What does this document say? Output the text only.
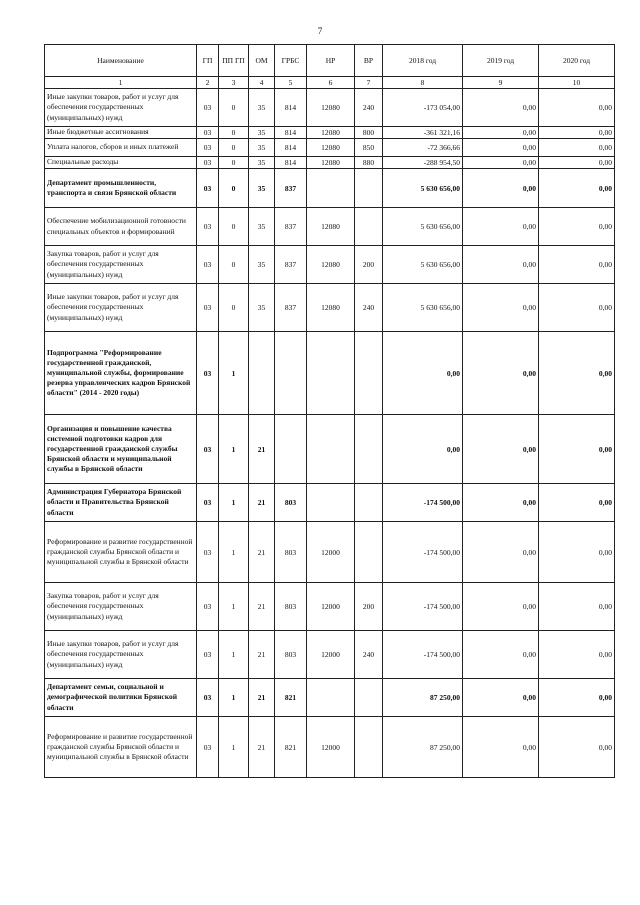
7
Наименование	ГП	ПП ГП	ОМ	ГРБС	НР	ВР	2018 год	2019 год	2020 год
1	2	3	4	5	6	7	8	9	10
Иные закупки товаров, работ и услуг для обеспечения государственных (муниципальных) нужд	03	0	35	814	12080	240	-173 054,00	0,00	0,00
Иные бюджетные ассигнования	03	0	35	814	12080	800	-361 321,16	0,00	0,00
Уплата налогов, сборов и иных платежей	03	0	35	814	12080	850	-72 366,66	0,00	0,00
Специальные расходы	03	0	35	814	12080	880	-288 954,50	0,00	0,00
Департамент промышленности, транспорта и связи Брянской области	03	0	35	837			5 630 656,00	0,00	0,00
Обеспечение мобилизационной готовности специальных объектов и формирований	03	0	35	837	12080		5 630 656,00	0,00	0,00
Закупка товаров, работ и услуг для обеспечения государственных (муниципальных) нужд	03	0	35	837	12080	200	5 630 656,00	0,00	0,00
Иные закупки товаров, работ и услуг для обеспечения государственных (муниципальных) нужд	03	0	35	837	12080	240	5 630 656,00	0,00	0,00
Подпрограмма "Реформирование государственной гражданской, муниципальной службы, формирование резерва управленческих кадров Брянской области" (2014 - 2020 годы)	03	1					0,00	0,00	0,00
Организация и повышение качества системной подготовки кадров для государственной гражданской службы Брянской области и муниципальной службы в Брянской области	03	1	21				0,00	0,00	0,00
Администрация Губернатора Брянской области и Правительства Брянской области	03	1	21	803			-174 500,00	0,00	0,00
Реформирование и развитие государственной гражданской службы Брянской области и муниципальной службы в Брянской области	03	1	21	803	12000		-174 500,00	0,00	0,00
Закупка товаров, работ и услуг для обеспечения государственных (муниципальных) нужд	03	1	21	803	12000	200	-174 500,00	0,00	0,00
Иные закупки товаров, работ и услуг для обеспечения государственных (муниципальных) нужд	03	1	21	803	12000	240	-174 500,00	0,00	0,00
Департамент семьи, социальной и демографической политики Брянской области	03	1	21	821			87 250,00	0,00	0,00
Реформирование и развитие государственной гражданской службы Брянской области и муниципальной службы в Брянской области	03	1	21	821	12000		87 250,00	0,00	0,00
